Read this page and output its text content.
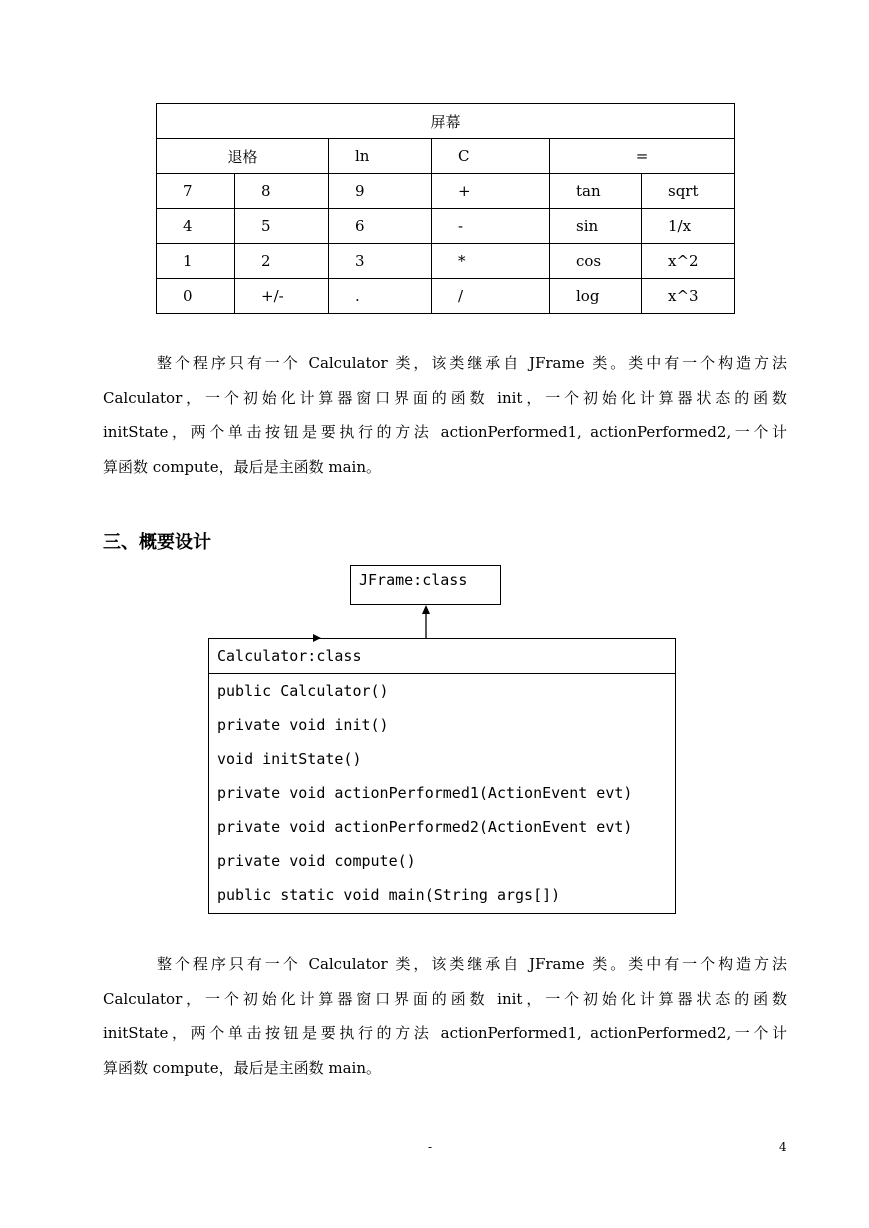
屏幕					
退格		ln	C	=	
7	8	9	+	tan	sqrt
4	5	6	-	sin	1/x
1	2	3	*	cos	x^2
0	+/-	.	/	log	x^3
整个程序只有一个 Calculator 类，该类继承自 JFrame 类。类中有一个构造方法
Calculator，一个初始化计算器窗口界面的函数 init，一个初始化计算器状态的函数
initState，两个单击按钮是要执行的方法 actionPerformed1, actionPerformed2,一个计
算函数 compute，最后是主函数 main。
三、概要设计
JFrame:class
Calculator:class
public Calculator()
private void init()
void initState()
private void actionPerformed1(ActionEvent evt)
private void actionPerformed2(ActionEvent evt)
private void compute()
public static void main(String args[])
整个程序只有一个 Calculator 类，该类继承自 JFrame 类。类中有一个构造方法
Calculator，一个初始化计算器窗口界面的函数 init，一个初始化计算器状态的函数
initState，两个单击按钮是要执行的方法 actionPerformed1, actionPerformed2,一个计
算函数 compute，最后是主函数 main。
-	4
